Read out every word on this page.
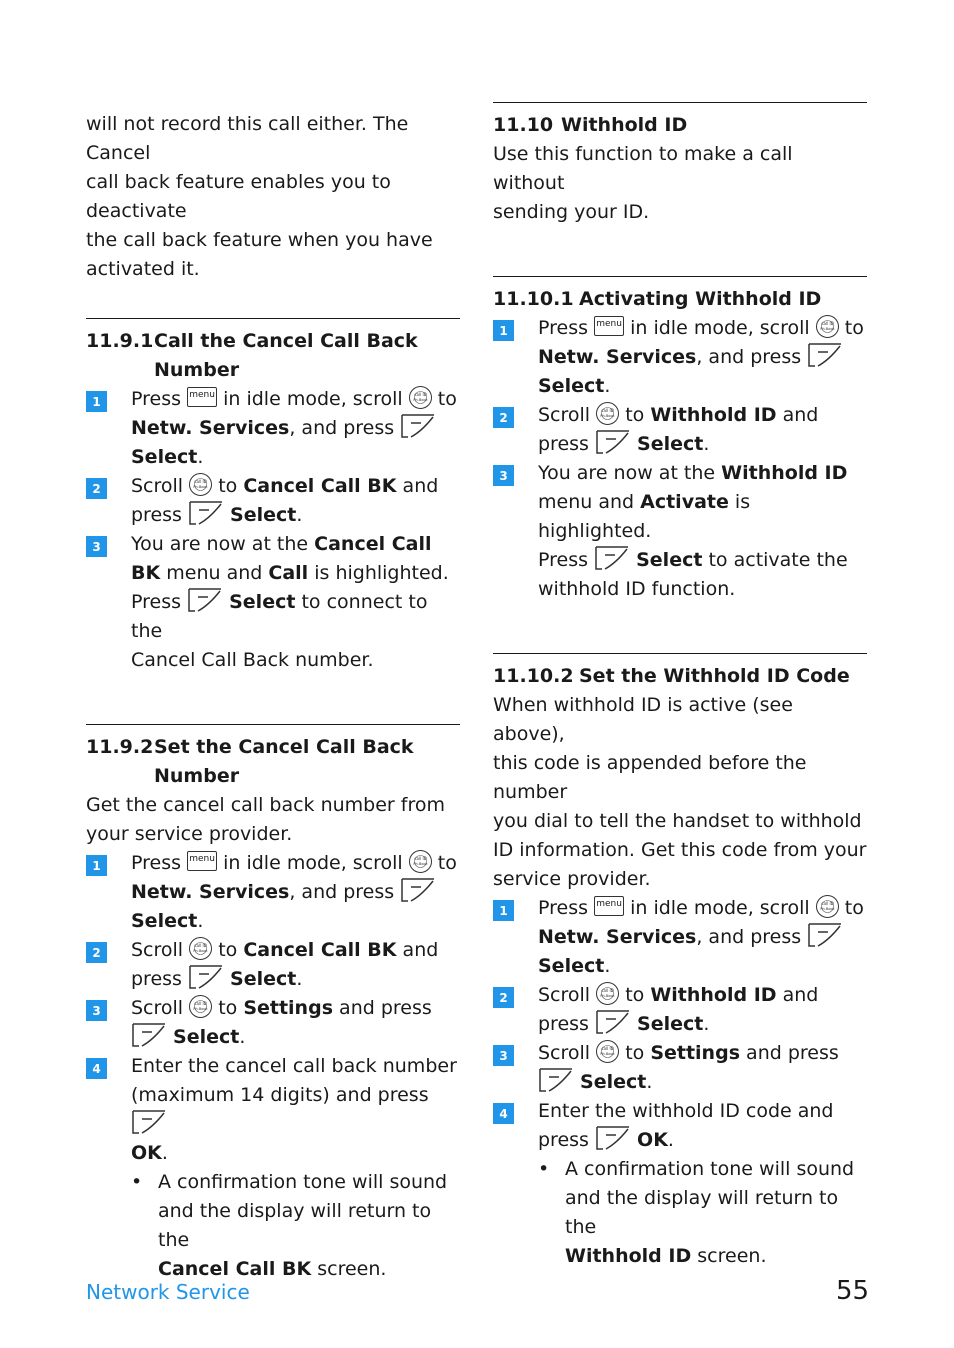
will not record this call either. The Cancel

call back feature enables you to deactivate

the call back feature when you have

activated it.

11.9.1Call the Cancel Call Back

Number

1	Press menu in idle mode, scroll	call ID
Ph.Book to

Netw. Services, and press

Select.

2	Scroll	call ID
Ph.Book to Cancel Call BK and

press	Select.

3	You are now at the Cancel Call

BK menu and Call is highlighted.

Press	Select to connect to the

Cancel Call Back number.

11.9.2Set the Cancel Call Back

Number

Get the cancel call back number from

your service provider.

1	Press menu in idle mode, scroll	call ID
Ph.Book to

Netw. Services, and press

Select.

2	Scroll	call ID
Ph.Book to Cancel Call BK and

press	Select.

3	Scroll	call ID
Ph.Book to Settings and press

Select.

4	Enter the cancel call back number

(maximum 14 digits) and press

OK.

• A confirmation tone will sound

and the display will return to the

Cancel Call BK screen.

11.10 Withhold ID

Use this function to make a call without

sending your ID.

11.10.1 Activating Withhold ID

1	Press menu in idle mode, scroll	call ID
Ph.Book to

Netw. Services, and press

Select.

2	Scroll	call ID
Ph.Book to Withhold ID and

press	Select.

3	You are now at the Withhold ID

menu and Activate is highlighted.

Press	Select to activate the

withhold ID function.

11.10.2 Set the Withhold ID Code

When withhold ID is active (see above),

this code is appended before the number

you dial to tell the handset to withhold

ID information. Get this code from your

service provider.

1	Press menu in idle mode, scroll	call ID
Ph.Book to

Netw. Services, and press

Select.

2	Scroll	call ID
Ph.Book to Withhold ID and

press	Select.

3	Scroll	call ID
Ph.Book to Settings and press

Select.

4	Enter the withhold ID code and

press	OK.

• A confirmation tone will sound

and the display will return to the

Withhold ID screen.

Network Service	55
